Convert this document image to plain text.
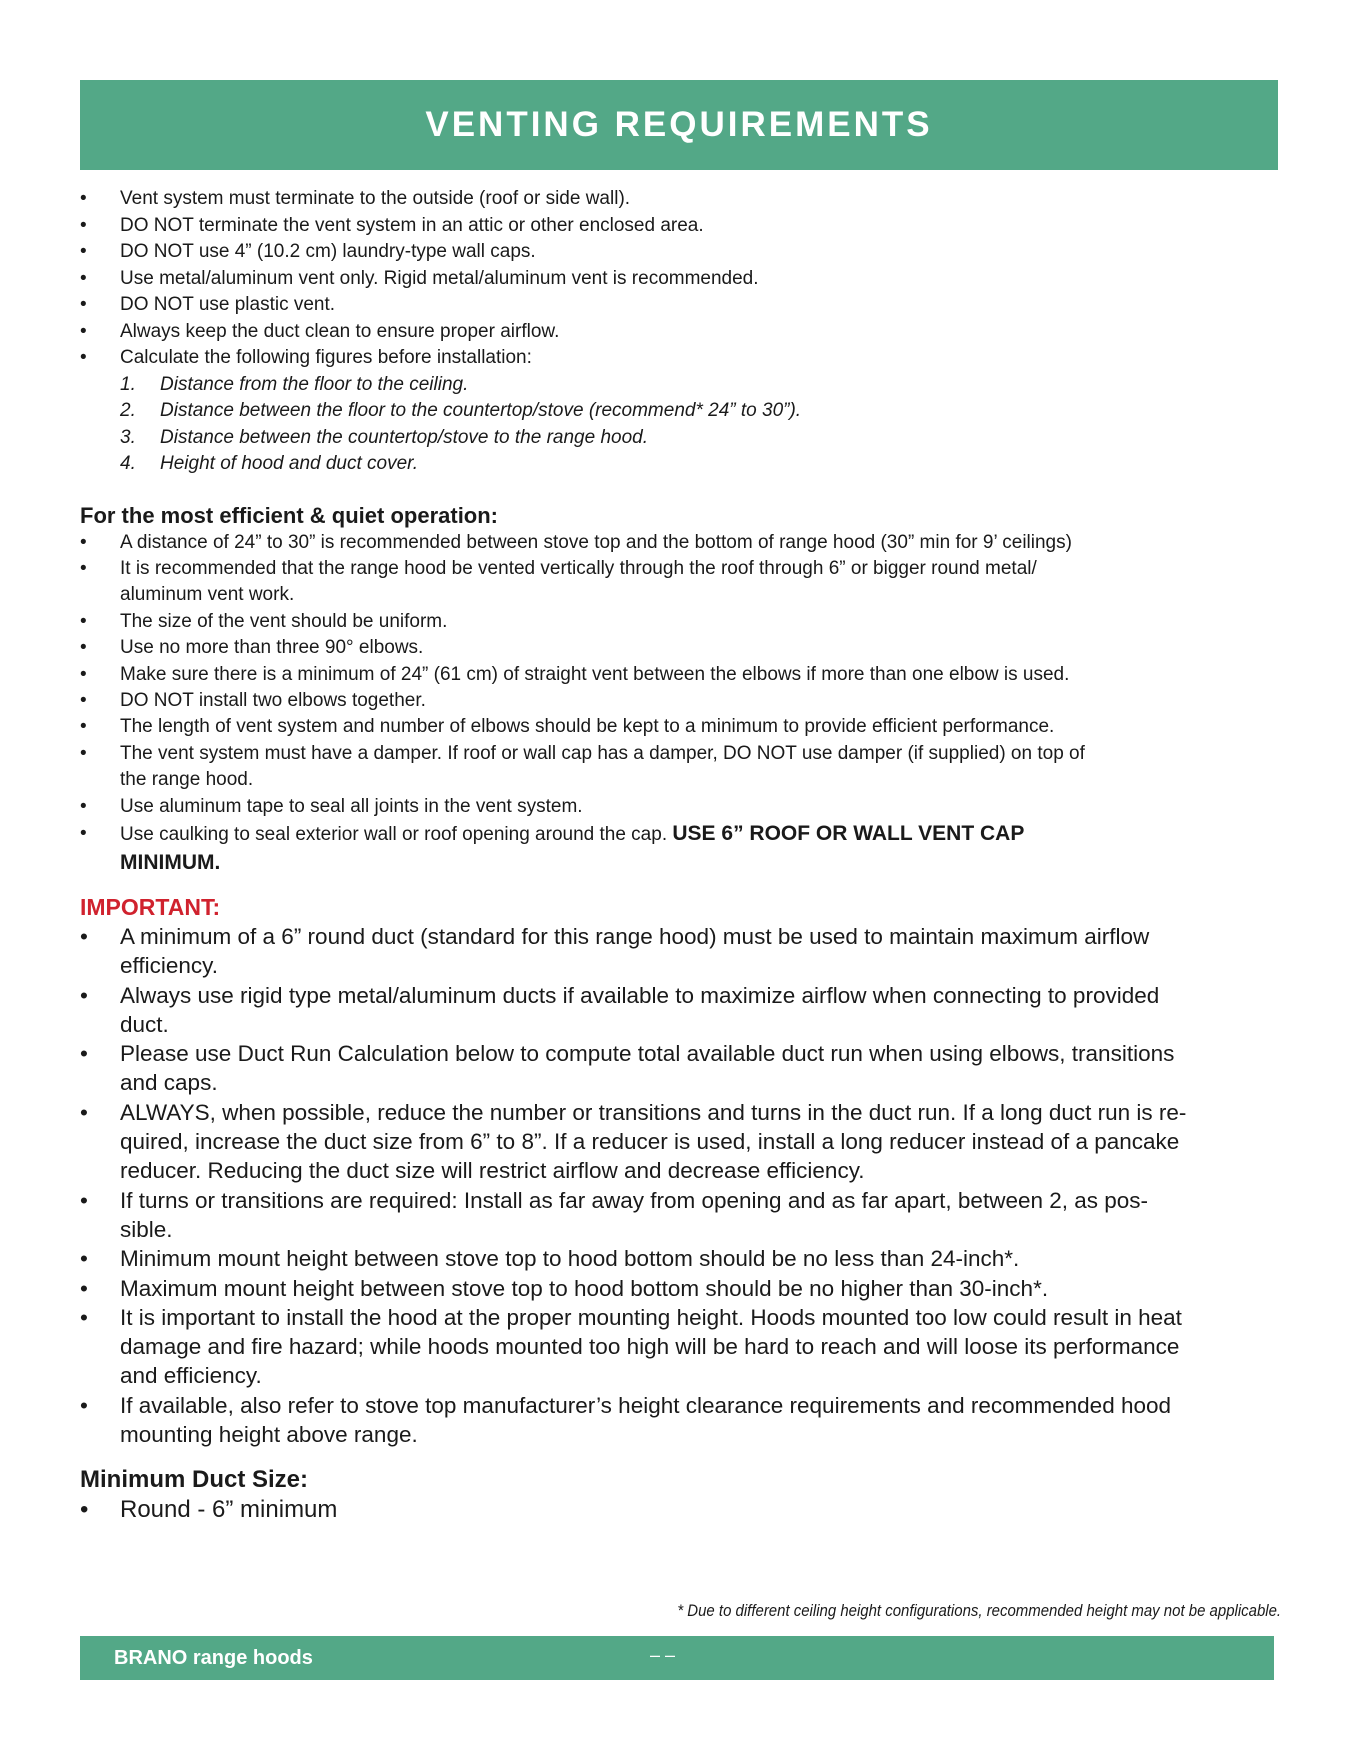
VENTING REQUIREMENTS
• Vent system must terminate to the outside (roof or side wall).
• DO NOT terminate the vent system in an attic or other enclosed area.
• DO NOT use 4” (10.2 cm) laundry-type wall caps.
• Use metal/aluminum vent only. Rigid metal/aluminum vent is recommended.
• DO NOT use plastic vent.
• Always keep the duct clean to ensure proper airflow.
• Calculate the following figures before installation:
1. Distance from the floor to the ceiling.
2. Distance between the floor to the countertop/stove (recommend* 24” to 30”).
3. Distance between the countertop/stove to the range hood.
4. Height of hood and duct cover.
For the most efficient & quiet operation:
• A distance of 24” to 30” is recommended between stove top and the bottom of range hood (30” min for 9’ ceilings)
• It is recommended that the range hood be vented vertically through the roof through 6” or bigger round metal/
aluminum vent work.
• The size of the vent should be uniform.
• Use no more than three 90° elbows.
• Make sure there is a minimum of 24” (61 cm) of straight vent between the elbows if more than one elbow is used.
• DO NOT install two elbows together.
• The length of vent system and number of elbows should be kept to a minimum to provide efficient performance.
• The vent system must have a damper. If roof or wall cap has a damper, DO NOT use damper (if supplied) on top of
the range hood.
• Use aluminum tape to seal all joints in the vent system.
• Use caulking to seal exterior wall or roof opening around the cap. USE 6” ROOF OR WALL VENT CAP
MINIMUM.
IMPORTANT:
• A minimum of a 6” round duct (standard for this range hood) must be used to maintain maximum airflow
efficiency.
• Always use rigid type metal/aluminum ducts if available to maximize airflow when connecting to provided
duct.
• Please use Duct Run Calculation below to compute total available duct run when using elbows, transitions
and caps.
• ALWAYS, when possible, reduce the number or transitions and turns in the duct run. If a long duct run is re-
quired, increase the duct size from 6” to 8”. If a reducer is used, install a long reducer instead of a pancake
reducer. Reducing the duct size will restrict airflow and decrease efficiency.
• If turns or transitions are required: Install as far away from opening and as far apart, between 2, as pos-
sible.
• Minimum mount height between stove top to hood bottom should be no less than 24-inch*.
• Maximum mount height between stove top to hood bottom should be no higher than 30-inch*.
• It is important to install the hood at the proper mounting height. Hoods mounted too low could result in heat
damage and fire hazard; while hoods mounted too high will be hard to reach and will loose its performance
and efficiency.
• If available, also refer to stove top manufacturer’s height clearance requirements and recommended hood
mounting height above range.
Minimum Duct Size:
• Round - 6” minimum
* Due to different ceiling height configurations, recommended height may not be applicable.
BRANO range hoods	– –
